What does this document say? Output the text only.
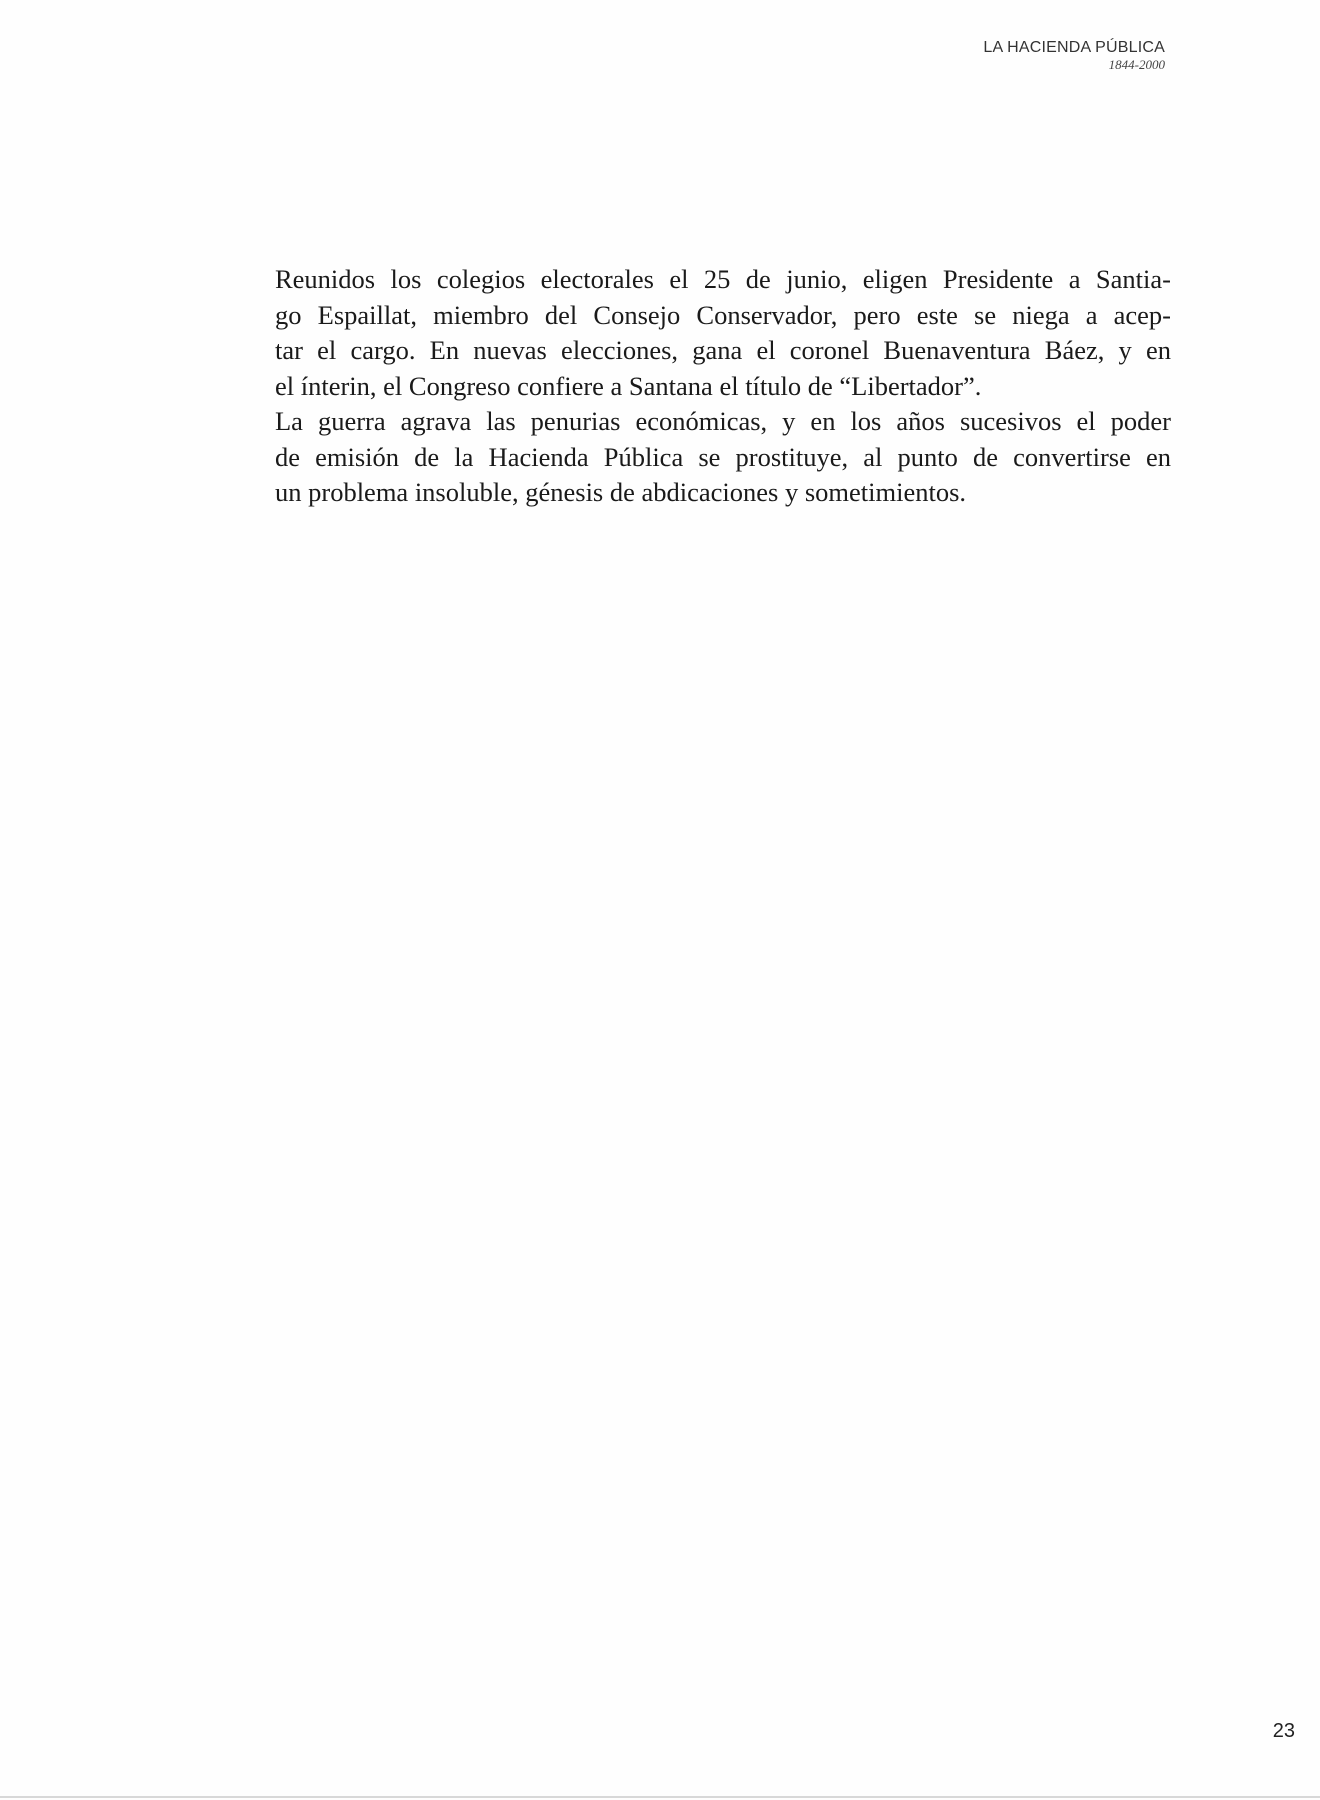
LA HACIENDA PÚBLICA
1844-2000

Reunidos los colegios electorales el 25 de junio, eligen Presidente a Santia-
go Espaillat, miembro del Consejo Conservador, pero este se niega a acep-
tar el cargo. En nuevas elecciones, gana el coronel Buenaventura Báez, y en
el ínterin, el Congreso confiere a Santana el título de “Libertador”.

La guerra agrava las penurias económicas, y en los años sucesivos el poder
de emisión de la Hacienda Pública se prostituye, al punto de convertirse en
un problema insoluble, génesis de abdicaciones y sometimientos.

23
